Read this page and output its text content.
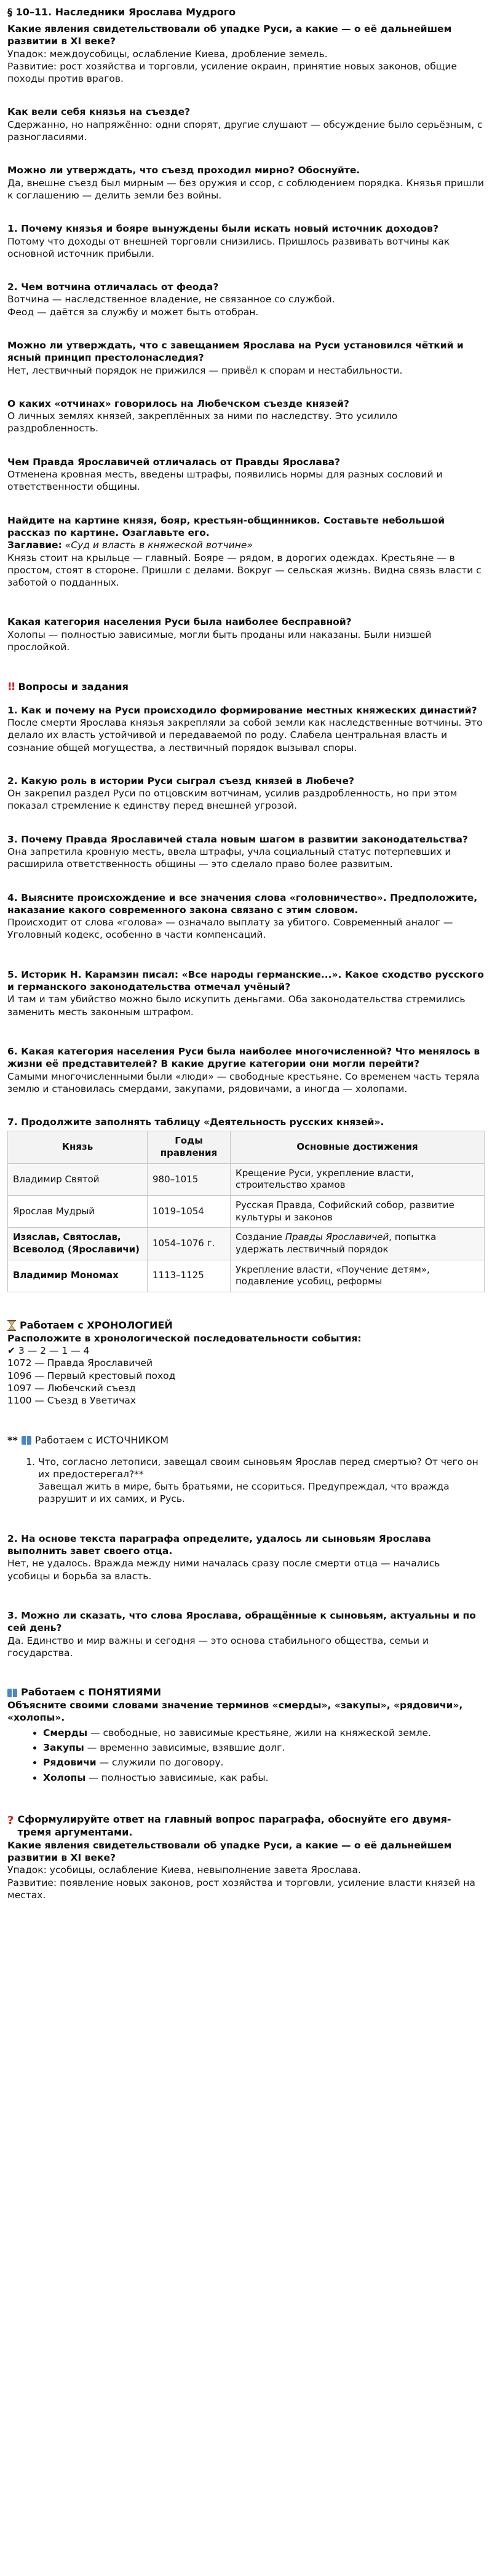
§ 10–11. Наследники Ярослава Мудрого
Какие явления свидетельствовали об упадке Руси, а какие — о её дальнейшем развитии в XI веке?
Упадок: междоусобицы, ослабление Киева, дробление земель.
Развитие: рост хозяйства и торговли, усиление окраин, принятие новых законов, общие походы против врагов.
Как вели себя князья на съезде?
Сдержанно, но напряжённо: одни спорят, другие слушают — обсуждение было серьёзным, с разногласиями.
Можно ли утверждать, что съезд проходил мирно? Обоснуйте.
Да, внешне съезд был мирным — без оружия и ссор, с соблюдением порядка. Князья пришли к соглашению — делить земли без войны.
1. Почему князья и бояре вынуждены были искать новый источник доходов?
Потому что доходы от внешней торговли снизились. Пришлось развивать вотчины как основной источник прибыли.
2. Чем вотчина отличалась от феода?
Вотчина — наследственное владение, не связанное со службой.
Феод — даётся за службу и может быть отобран.
Можно ли утверждать, что с завещанием Ярослава на Руси установился чёткий и ясный принцип престолонаследия?
Нет, лествичный порядок не прижился — привёл к спорам и нестабильности.
О каких «отчинах» говорилось на Любечском съезде князей?
О личных землях князей, закреплённых за ними по наследству. Это усилило раздробленность.
Чем Правда Ярославичей отличалась от Правды Ярослава?
Отменена кровная месть, введены штрафы, появились нормы для разных сословий и ответственности общины.
Найдите на картине князя, бояр, крестьян-общинников. Составьте небольшой рассказ по картине. Озаглавьте его.
Заглавие: «Суд и власть в княжеской вотчине»
Князь стоит на крыльце — главный. Бояре — рядом, в дорогих одеждах. Крестьяне — в простом, стоят в стороне. Пришли с делами. Вокруг — сельская жизнь. Видна связь власти с заботой о подданных.
Какая категория населения Руси была наиболее бесправной?
Холопы — полностью зависимые, могли быть проданы или наказаны. Были низшей прослойкой.
!! Вопросы и задания
1. Как и почему на Руси происходило формирование местных княжеских династий?
После смерти Ярослава князья закрепляли за собой земли как наследственные вотчины. Это делало их власть устойчивой и передаваемой по роду. Слабела центральная власть и сознание общей могущества, а лествичный порядок вызывал споры.
2. Какую роль в истории Руси сыграл съезд князей в Любече?
Он закрепил раздел Руси по отцовским вотчинам, усилив раздробленность, но при этом показал стремление к единству перед внешней угрозой.
3. Почему Правда Ярославичей стала новым шагом в развитии законодательства?
Она запретила кровную месть, ввела штрафы, учла социальный статус потерпевших и расширила ответственность общины — это сделало право более развитым.
4. Выясните происхождение и все значения слова «головничество». Предположите, наказание какого современного закона связано с этим словом.
Происходит от слова «голова» — означало выплату за убитого. Современный аналог — Уголовный кодекс, особенно в части компенсаций.
5. Историк Н. Карамзин писал: «Все народы германские...». Какое сходство русского и германского законодательства отмечал учёный?
И там и там убийство можно было искупить деньгами. Оба законодательства стремились заменить месть законным штрафом.
6. Какая категория населения Руси была наиболее многочисленной? Что менялось в жизни её представителей? В какие другие категории они могли перейти?
Самыми многочисленными были «люди» — свободные крестьяне. Со временем часть теряла землю и становилась смердами, закупами, рядовичами, а иногда — холопами.
7. Продолжите заполнять таблицу «Деятельность русских князей».
Князь	Годы правления	Основные достижения
Владимир Святой	980–1015	Крещение Руси, укрепление власти, строительство храмов
Ярослав Мудрый	1019–1054	Русская Правда, Софийский собор, развитие культуры и законов
Изяслав, Святослав, Всеволод (Ярославичи)	1054–1076 г.	Создание Правды Ярославичей, попытка удержать лествичный порядок
Владимир Мономах	1113–1125	Укрепление власти, «Поучение детям», подавление усобиц, реформы
Работаем с ХРОНОЛОГИЕЙ
Расположите в хронологической последовательности события:
✔ 3 — 2 — 1 — 4
1072 — Правда Ярославичей
1096 — Первый крестовый поход
1097 — Любечский съезд
1100 — Съезд в Уветичах
** Работаем с ИСТОЧНИКОМ
1. Что, согласно летописи, завещал своим сыновьям Ярослав перед смертью? От чего он их предостерегал?**
Завещал жить в мире, быть братьями, не ссориться. Предупреждал, что вражда разрушит и их самих, и Русь.
2. На основе текста параграфа определите, удалось ли сыновьям Ярослава выполнить завет своего отца.
Нет, не удалось. Вражда между ними началась сразу после смерти отца — начались усобицы и борьба за власть.
3. Можно ли сказать, что слова Ярослава, обращённые к сыновьям, актуальны и по сей день?
Да. Единство и мир важны и сегодня — это основа стабильного общества, семьи и государства.
Работаем с ПОНЯТИЯМИ
Объясните своими словами значение терминов «смерды», «закупы», «рядовичи», «холопы».
• Смерды — свободные, но зависимые крестьяне, жили на княжеской земле.
• Закупы — временно зависимые, взявшие долг.
• Рядовичи — служили по договору.
• Холопы — полностью зависимые, как рабы.
? Сформулируйте ответ на главный вопрос параграфа, обоснуйте его двумя-тремя аргументами.
Какие явления свидетельствовали об упадке Руси, а какие — о её дальнейшем развитии в XI веке?
Упадок: усобицы, ослабление Киева, невыполнение завета Ярослава.
Развитие: появление новых законов, рост хозяйства и торговли, усиление власти князей на местах.
